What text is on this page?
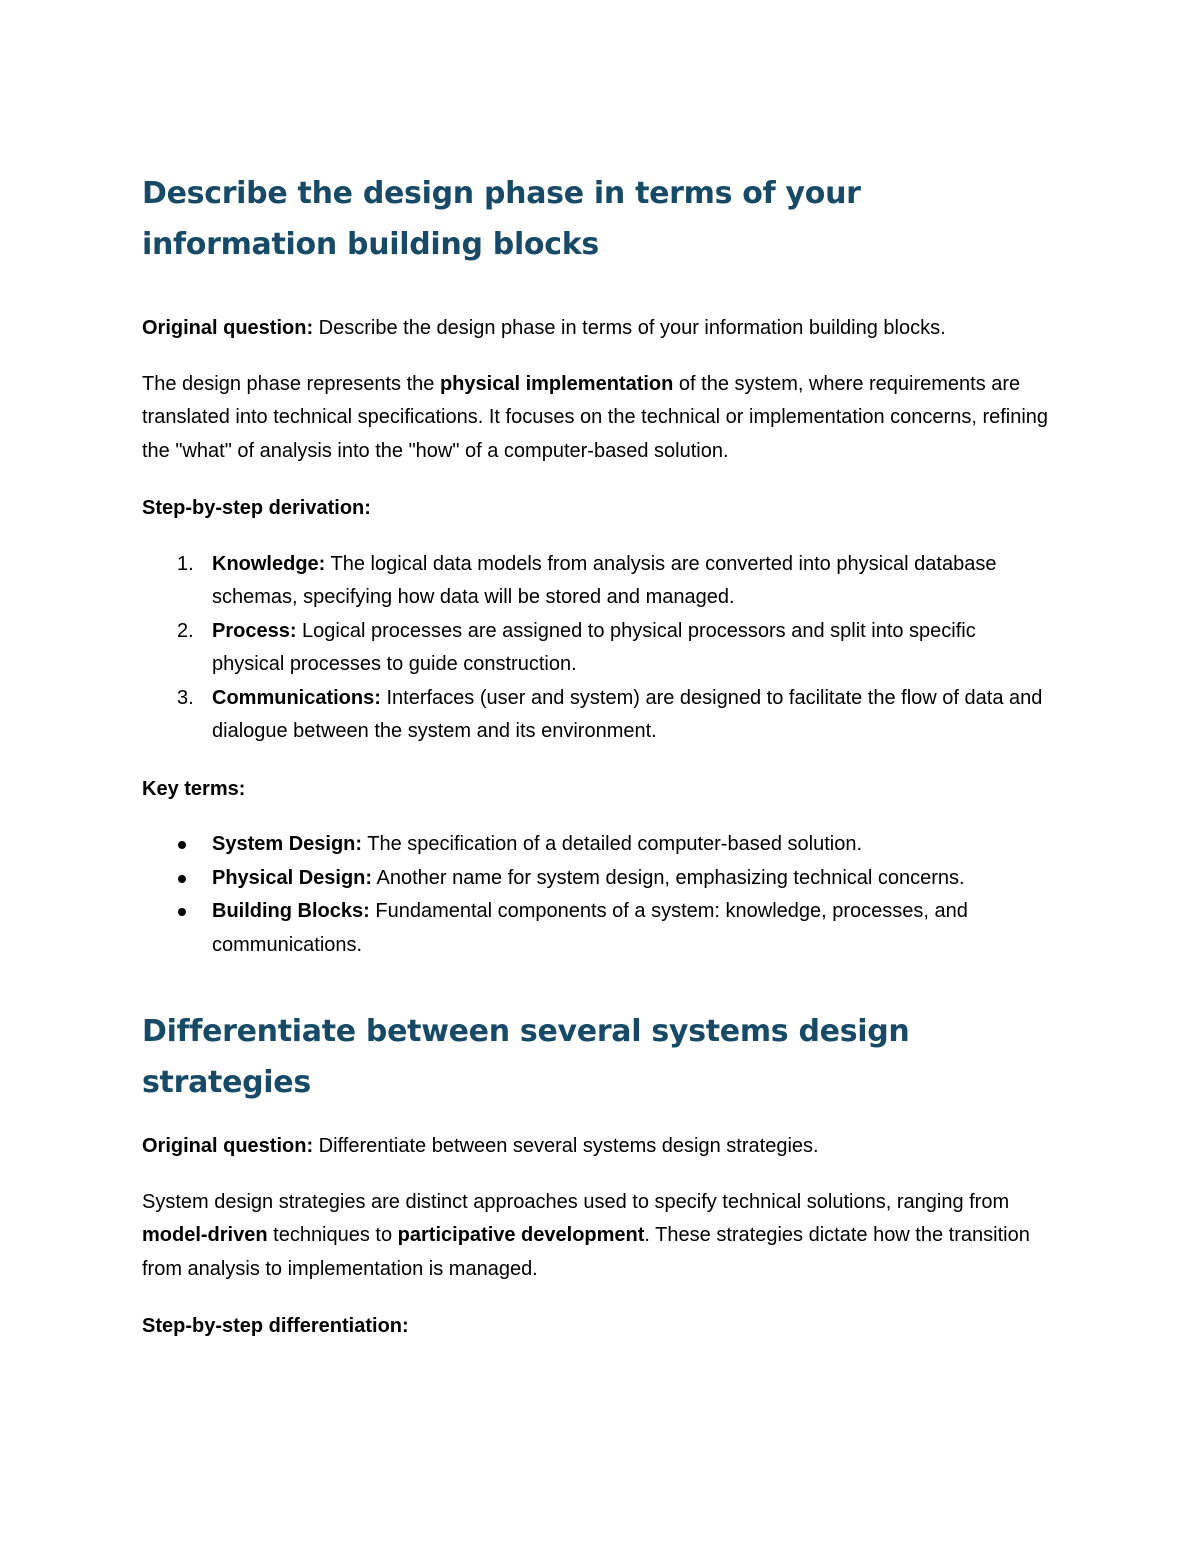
Describe the design phase in terms of your information building blocks

Original question: Describe the design phase in terms of your information building blocks.

The design phase represents the physical implementation of the system, where requirements are translated into technical specifications. It focuses on the technical or implementation concerns, refining the "what" of analysis into the "how" of a computer-based solution.

Step-by-step derivation:

1. Knowledge: The logical data models from analysis are converted into physical database schemas, specifying how data will be stored and managed.
2. Process: Logical processes are assigned to physical processors and split into specific physical processes to guide construction.
3. Communications: Interfaces (user and system) are designed to facilitate the flow of data and dialogue between the system and its environment.

Key terms:

System Design: The specification of a detailed computer-based solution.
Physical Design: Another name for system design, emphasizing technical concerns.
Building Blocks: Fundamental components of a system: knowledge, processes, and communications.
Differentiate between several systems design strategies

Original question: Differentiate between several systems design strategies.

System design strategies are distinct approaches used to specify technical solutions, ranging from model-driven techniques to participative development. These strategies dictate how the transition from analysis to implementation is managed.

Step-by-step differentiation:
